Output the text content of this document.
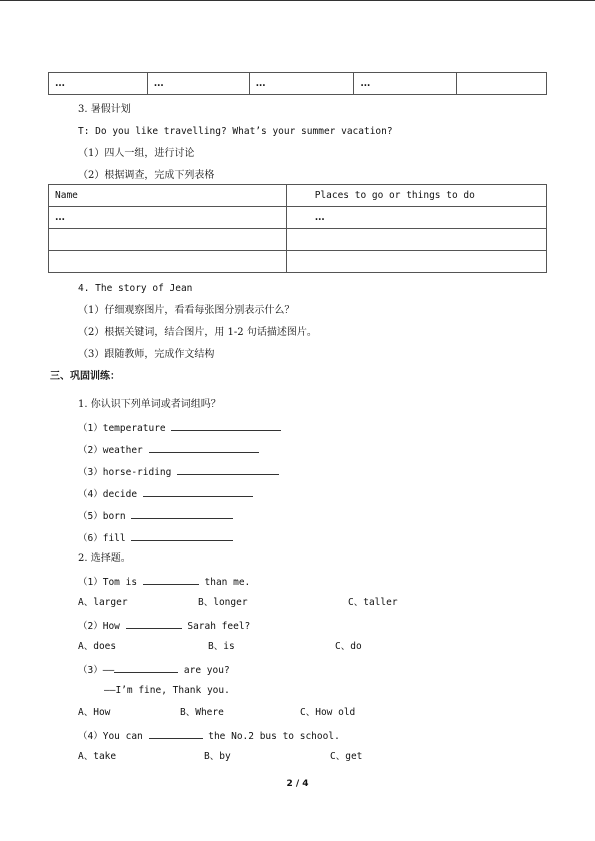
…	…	…	…	
3. 暑假计划
T: Do you like travelling? What’s your summer vacation?
（1）四人一组，进行讨论
（2）根据调查，完成下列表格
Name	Places to go or things to do
…	…

4. The story of Jean
（1）仔细观察图片，看看每张图分别表示什么？
（2）根据关键词，结合图片，用 1-2 句话描述图片。
（3）跟随教师，完成作文结构
三、巩固训练：
1. 你认识下列单词或者词组吗？
（1）temperature
（2）weather
（3）horse-riding
（4）decide
（5）born
（6）fill
2. 选择题。
（1）Tom is	than me.
A、larger	B、longer	C、taller
（2）How	Sarah feel?
A、does	B、is	C、do
（3）——	are you?
——I’m fine, Thank you.
A、How	B、Where	C、How old
（4）You can	the No.2 bus to school.
A、take	B、by	C、get
2 / 4
